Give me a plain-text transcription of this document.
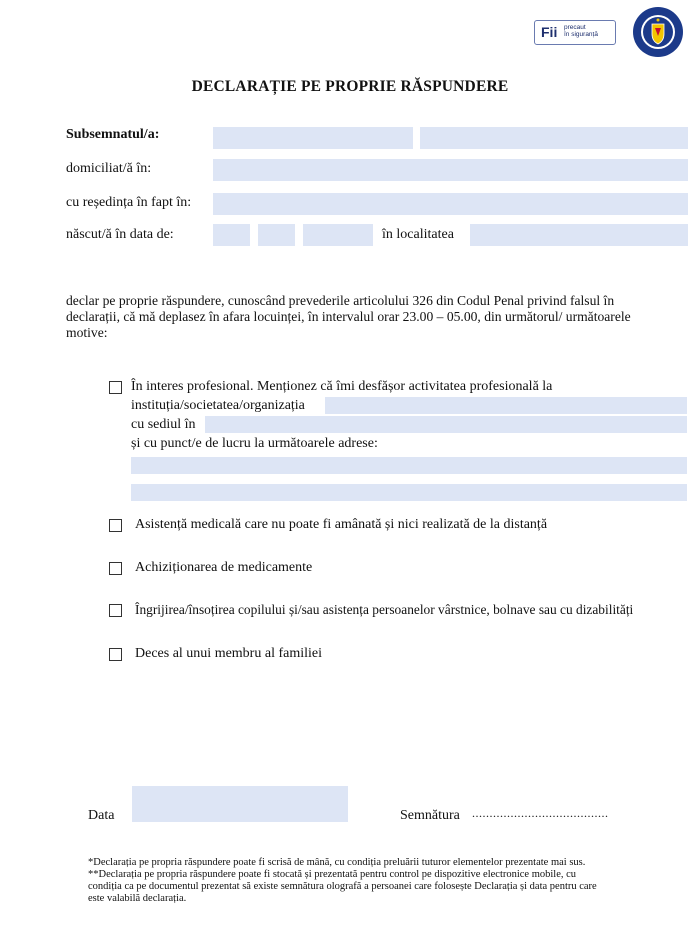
Fii precaut
în siguranță
DECLARAȚIE PE PROPRIE RĂSPUNDERE
Subsemnatul/a:
domiciliat/ă în:
cu reședința în fapt în:
născut/ă în data de:	în localitatea
declar pe proprie răspundere, cunoscând prevederile articolului 326 din Codul Penal privind falsul în declarații, că mă deplasez în afara locuinței, în intervalul orar 23.00 – 05.00, din următorul/ următoarele motive:
În interes profesional. Menționez că îmi desfășor activitatea profesională la
instituția/societatea/organizația
cu sediul în
și cu punct/e de lucru la următoarele adrese:
Asistență medicală care nu poate fi amânată și nici realizată de la distanță
Achiziționarea de medicamente
Îngrijirea/însoțirea copilului și/sau asistența persoanelor vârstnice, bolnave sau cu dizabilități
Deces al unui membru al familiei
Data	Semnătura .......................................
*Declarația pe propria răspundere poate fi scrisă de mână, cu condiția preluării tuturor elementelor prezentate mai sus.
**Declarația pe propria răspundere poate fi stocată și prezentată pentru control pe dispozitive electronice mobile, cu
condiția ca pe documentul prezentat să existe semnătura olografă a persoanei care folosește Declarația și data pentru care
este valabilă declarația.
